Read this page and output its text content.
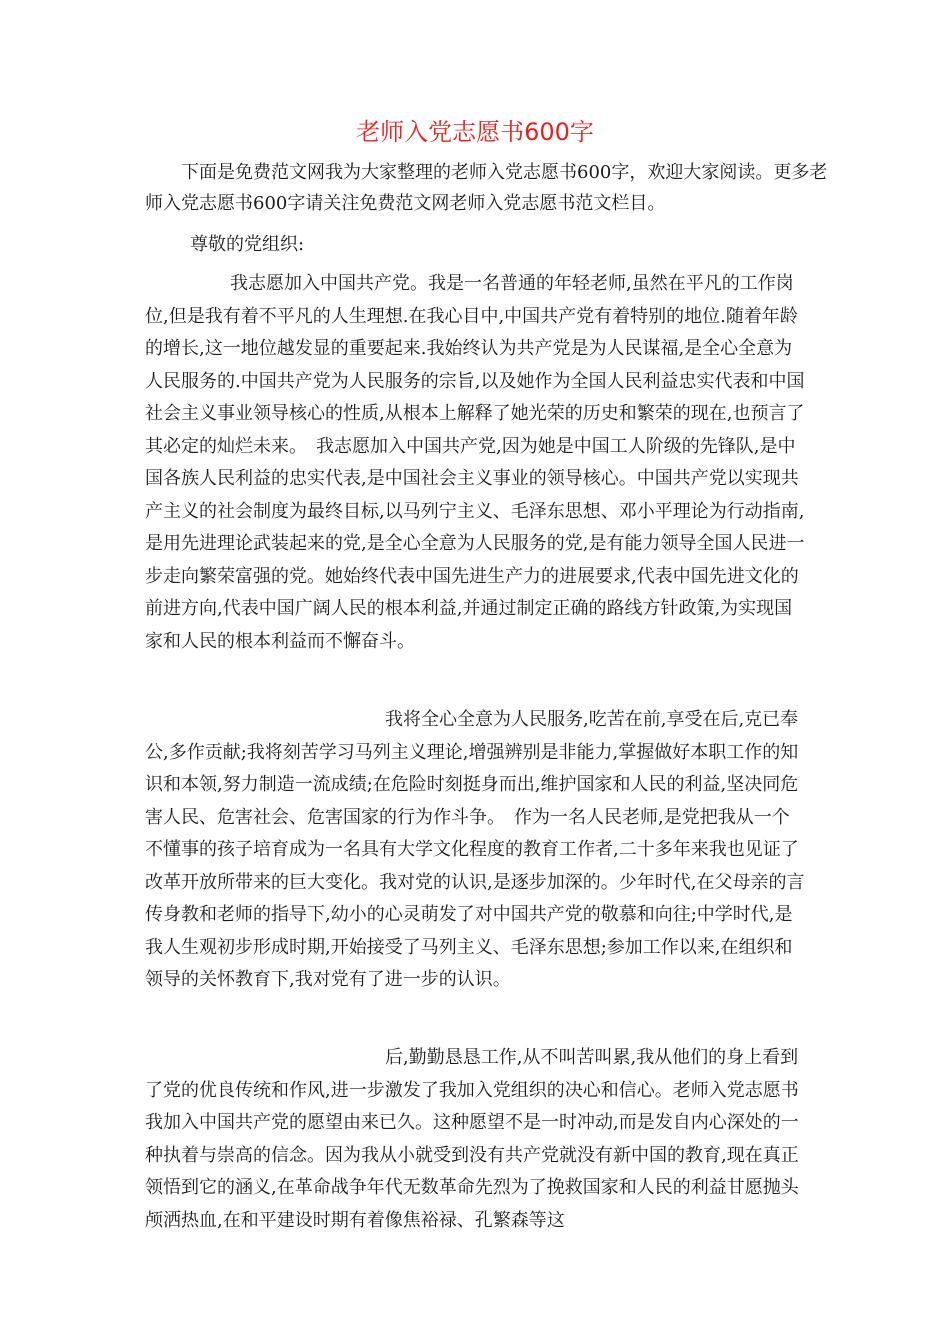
老师入党志愿书600字

下面是免费范文网我为大家整理的老师入党志愿书600字，欢迎大家阅读。更多老师入党志愿书600字请关注免费范文网老师入党志愿书范文栏目。

尊敬的党组织:

我志愿加入中国共产党。我是一名普通的年轻老师,虽然在平凡的工作岗位,但是我有着不平凡的人生理想.在我心目中,中国共产党有着特别的地位.随着年龄的增长,这一地位越发显的重要起来.我始终认为共产党是为人民谋福,是全心全意为人民服务的.中国共产党为人民服务的宗旨,以及她作为全国人民利益忠实代表和中国社会主义事业领导核心的性质,从根本上解释了她光荣的历史和繁荣的现在,也预言了其必定的灿烂未来。　我志愿加入中国共产党,因为她是中国工人阶级的先锋队,是中国各族人民利益的忠实代表,是中国社会主义事业的领导核心。中国共产党以实现共产主义的社会制度为最终目标,以马列宁主义、毛泽东思想、邓小平理论为行动指南,是用先进理论武装起来的党,是全心全意为人民服务的党,是有能力领导全国人民进一步走向繁荣富强的党。她始终代表中国先进生产力的进展要求,代表中国先进文化的前进方向,代表中国广阔人民的根本利益,并通过制定正确的路线方针政策,为实现国家和人民的根本利益而不懈奋斗。

我将全心全意为人民服务,吃苦在前,享受在后,克已奉公,多作贡献;我将刻苦学习马列主义理论,增强辨别是非能力,掌握做好本职工作的知识和本领,努力制造一流成绩;在危险时刻挺身而出,维护国家和人民的利益,坚决同危害人民、危害社会、危害国家的行为作斗争。　作为一名人民老师,是党把我从一个不懂事的孩子培育成为一名具有大学文化程度的教育工作者,二十多年来我也见证了改革开放所带来的巨大变化。我对党的认识,是逐步加深的。少年时代,在父母亲的言传身教和老师的指导下,幼小的心灵萌发了对中国共产党的敬慕和向往;中学时代,是我人生观初步形成时期,开始接受了马列主义、毛泽东思想;参加工作以来,在组织和领导的关怀教育下,我对党有了进一步的认识。

后,勤勤恳恳工作,从不叫苦叫累,我从他们的身上看到了党的优良传统和作风,进一步激发了我加入党组织的决心和信心。老师入党志愿书我加入中国共产党的愿望由来已久。这种愿望不是一时冲动,而是发自内心深处的一种执着与崇高的信念。因为我从小就受到没有共产党就没有新中国的教育,现在真正领悟到它的涵义,在革命战争年代无数革命先烈为了挽救国家和人民的利益甘愿抛头颅洒热血,在和平建设时期有着像焦裕禄、孔繁森等这
